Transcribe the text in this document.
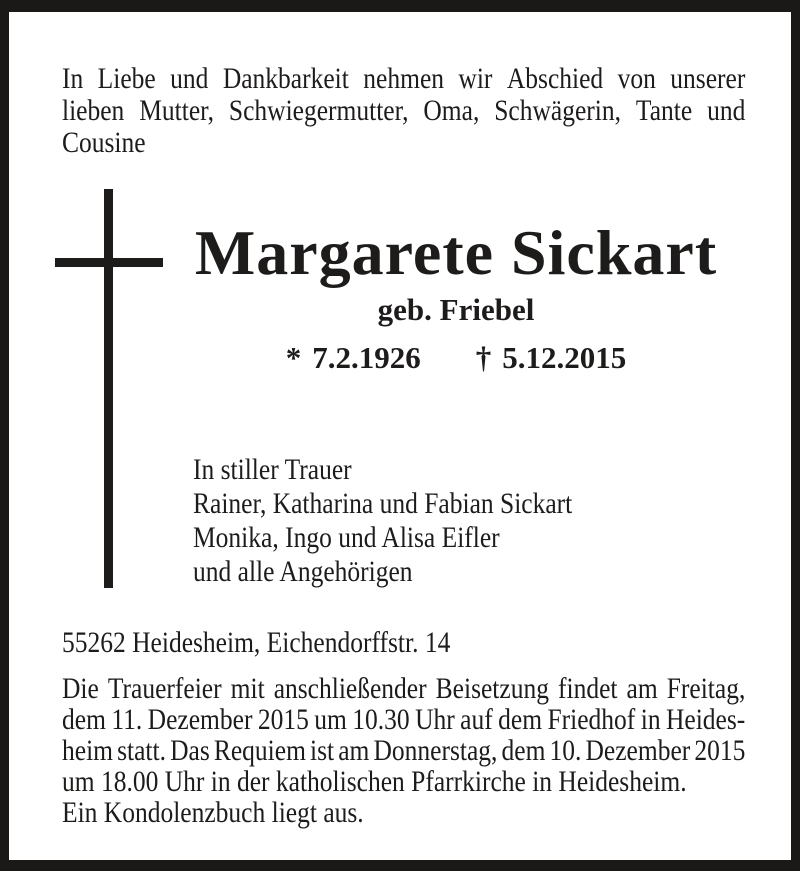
In Liebe und Dankbarkeit nehmen wir Abschied von unserer
lieben Mutter, Schwiegermutter, Oma, Schwägerin, Tante und
Cousine
Margarete Sickart
geb. Friebel
* 7.2.1926 † 5.12.2015
In stiller Trauer
Rainer, Katharina und Fabian Sickart
Monika, Ingo und Alisa Eifler
und alle Angehörigen
55262 Heidesheim, Eichendorffstr. 14
Die Trauerfeier mit anschließender Beisetzung findet am Freitag,
dem 11. Dezember 2015 um 10.30 Uhr auf dem Friedhof in Heides-
heim statt. Das Requiem ist am Donnerstag, dem 10. Dezember 2015
um 18.00 Uhr in der katholischen Pfarrkirche in Heidesheim.
Ein Kondolenzbuch liegt aus.
